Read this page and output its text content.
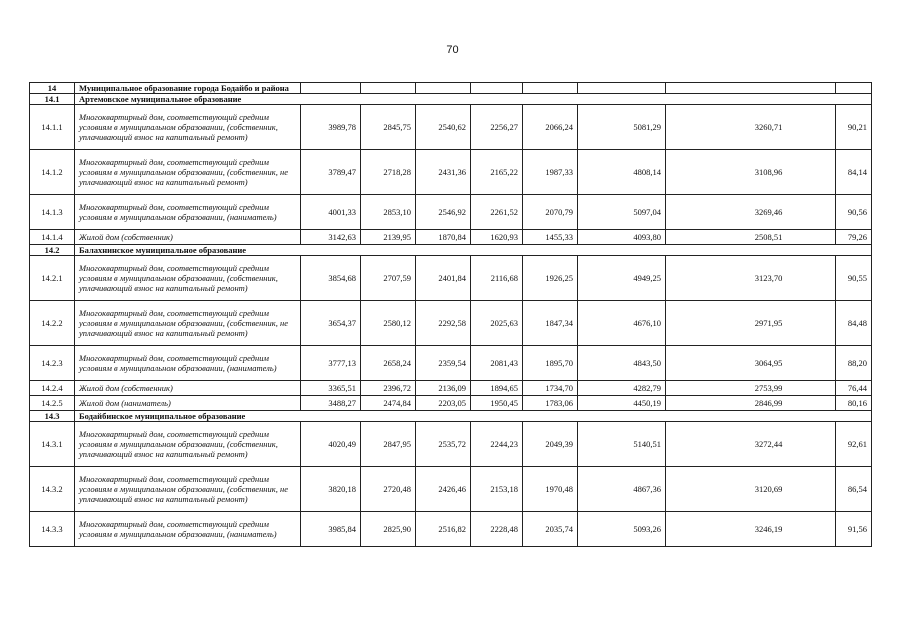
70
14	Муниципальное образование города Бодайбо и района								
14.1	Артемовское муниципальное образование								
14.1.1	Многоквартирный дом, соответствующий средним условиям в муниципальном образовании, (собственник, уплачивающий взнос на капитальный ремонт)	3989,78	2845,75	2540,62	2256,27	2066,24	5081,29	3260,71	90,21
14.1.2	Многоквартирный дом, соответствующий средним условиям в муниципальном образовании, (собственник, не уплачивающий взнос на капитальный ремонт)	3789,47	2718,28	2431,36	2165,22	1987,33	4808,14	3108,96	84,14
14.1.3	Многоквартирный дом, соответствующий средним условиям в муниципальном образовании, (наниматель)	4001,33	2853,10	2546,92	2261,52	2070,79	5097,04	3269,46	90,56
14.1.4	Жилой дом (собственник)	3142,63	2139,95	1870,84	1620,93	1455,33	4093,80	2508,51	79,26
14.2	Балахнинское муниципальное образование								
14.2.1	Многоквартирный дом, соответствующий средним условиям в муниципальном образовании, (собственник, уплачивающий взнос на капитальный ремонт)	3854,68	2707,59	2401,84	2116,68	1926,25	4949,25	3123,70	90,55
14.2.2	Многоквартирный дом, соответствующий средним условиям в муниципальном образовании, (собственник, не уплачивающий взнос на капитальный ремонт)	3654,37	2580,12	2292,58	2025,63	1847,34	4676,10	2971,95	84,48
14.2.3	Многоквартирный дом, соответствующий средним условиям в муниципальном образовании, (наниматель)	3777,13	2658,24	2359,54	2081,43	1895,70	4843,50	3064,95	88,20
14.2.4	Жилой дом (собственник)	3365,51	2396,72	2136,09	1894,65	1734,70	4282,79	2753,99	76,44
14.2.5	Жилой дом (наниматель)	3488,27	2474,84	2203,05	1950,45	1783,06	4450,19	2846,99	80,16
14.3	Бодайбинское муниципальное образование								
14.3.1	Многоквартирный дом, соответствующий средним условиям в муниципальном образовании, (собственник, уплачивающий взнос на капитальный ремонт)	4020,49	2847,95	2535,72	2244,23	2049,39	5140,51	3272,44	92,61
14.3.2	Многоквартирный дом, соответствующий средним условиям в муниципальном образовании, (собственник, не уплачивающий взнос на капитальный ремонт)	3820,18	2720,48	2426,46	2153,18	1970,48	4867,36	3120,69	86,54
14.3.3	Многоквартирный дом, соответствующий средним условиям в муниципальном образовании, (наниматель)	3985,84	2825,90	2516,82	2228,48	2035,74	5093,26	3246,19	91,56
